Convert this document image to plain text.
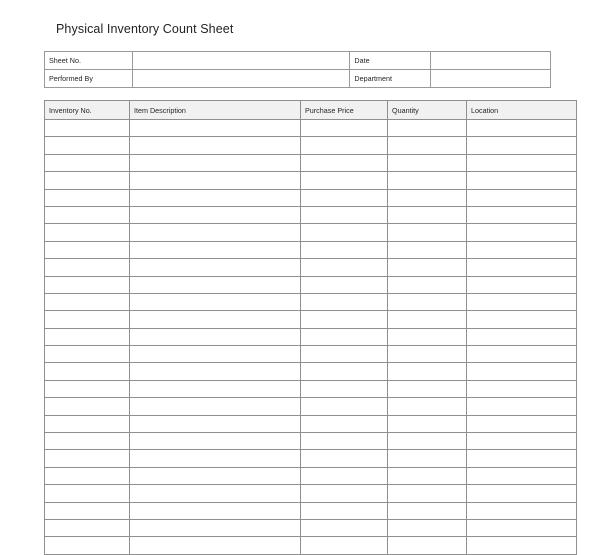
Physical Inventory Count Sheet
Sheet No.		Date	
Performed By		Department	
Inventory No.	Item Description	Purchase Price	Quantity	Location
